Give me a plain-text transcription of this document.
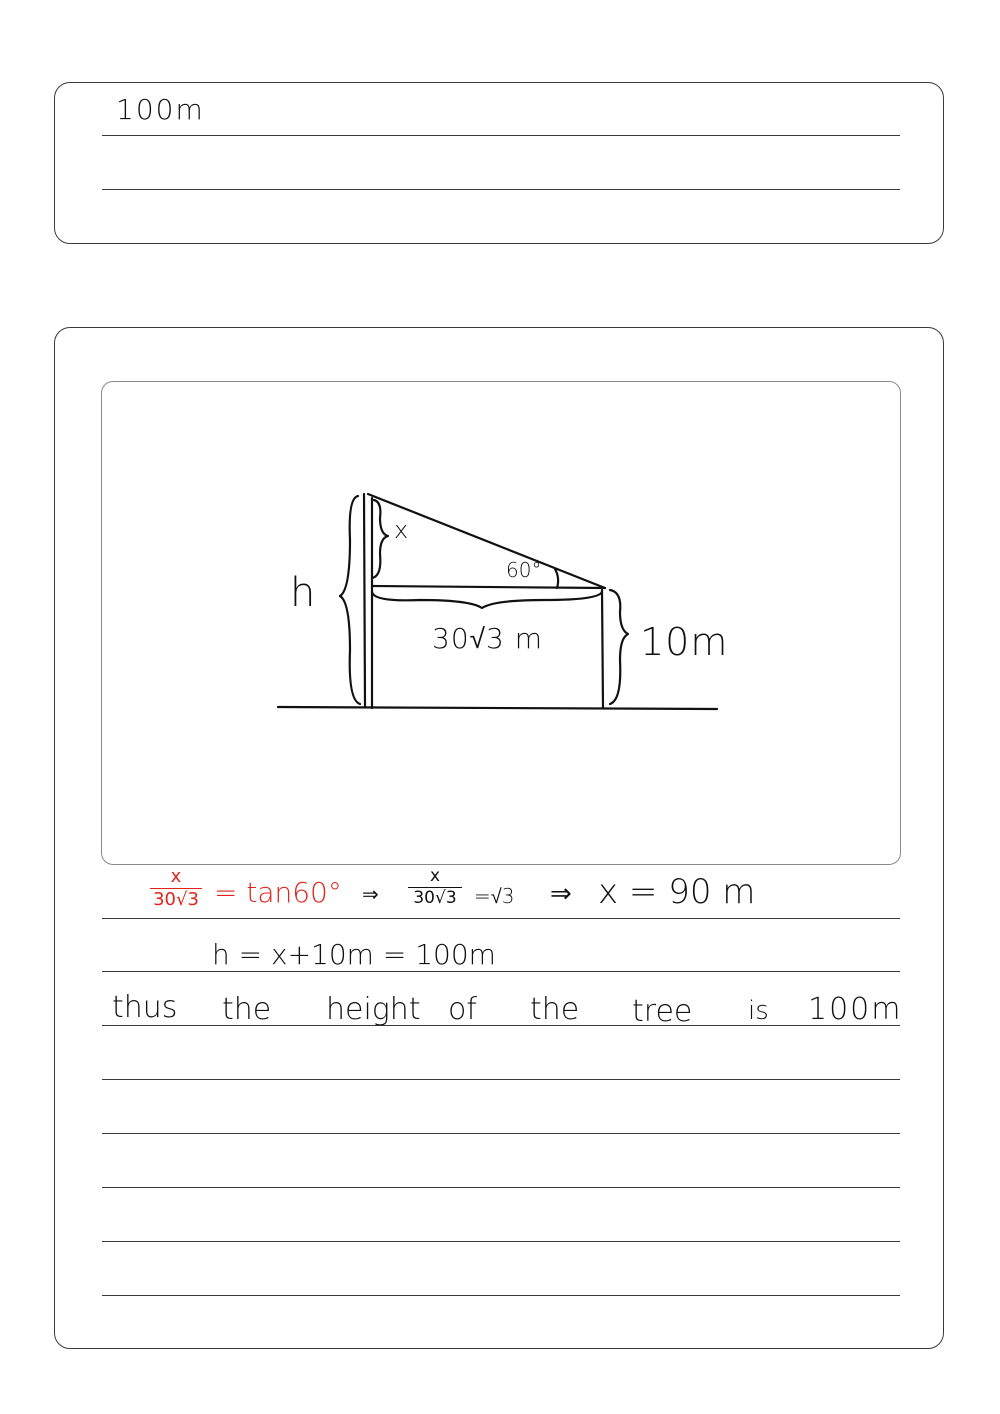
100m
x
h	60°
30√3 m	10m
x
30√3 = tan60° ⇒
x
30√3 =√3 ⇒ x = 90 m
h = x+10m = 100m
thus the height of the tree is 100m
